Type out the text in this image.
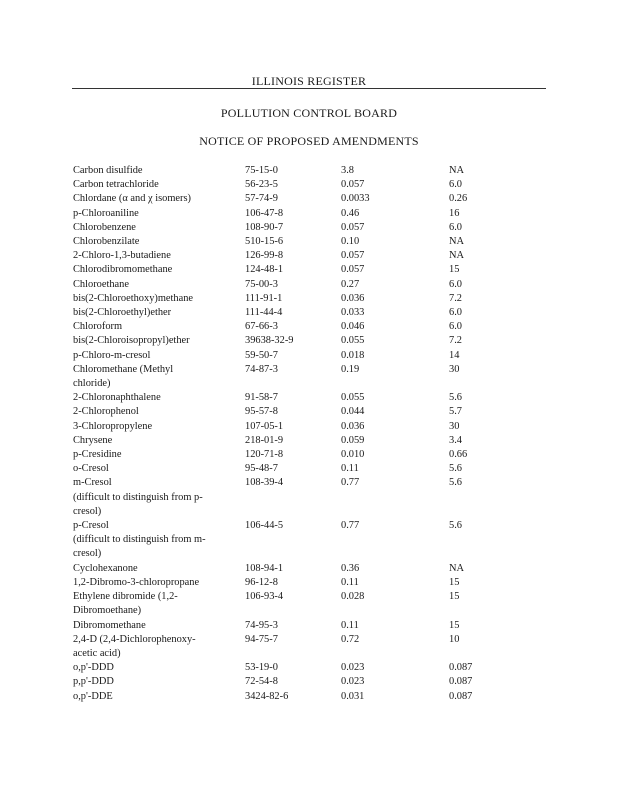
ILLINOIS REGISTER
POLLUTION CONTROL BOARD
NOTICE OF PROPOSED AMENDMENTS
Carbon disulfide	75-15-0	3.8	NA
Carbon tetrachloride	56-23-5	0.057	6.0
Chlordane (α and χ isomers)	57-74-9	0.0033	0.26
p-Chloroaniline	106-47-8	0.46	16
Chlorobenzene	108-90-7	0.057	6.0
Chlorobenzilate	510-15-6	0.10	NA
2-Chloro-1,3-butadiene	126-99-8	0.057	NA
Chlorodibromomethane	124-48-1	0.057	15
Chloroethane	75-00-3	0.27	6.0
bis(2-Chloroethoxy)methane	111-91-1	0.036	7.2
bis(2-Chloroethyl)ether	111-44-4	0.033	6.0
Chloroform	67-66-3	0.046	6.0
bis(2-Chloroisopropyl)ether	39638-32-9	0.055	7.2
p-Chloro-m-cresol	59-50-7	0.018	14
Chloromethane (Methyl
chloride)
74-87-3	0.19	30
2-Chloronaphthalene	91-58-7	0.055	5.6
2-Chlorophenol	95-57-8	0.044	5.7
3-Chloropropylene	107-05-1	0.036	30
Chrysene	218-01-9	0.059	3.4
p-Cresidine	120-71-8	0.010	0.66
o-Cresol	95-48-7	0.11	5.6
m-Cresol
(difficult to distinguish from p-
cresol)
108-39-4	0.77	5.6
p-Cresol
(difficult to distinguish from m-
cresol)
106-44-5	0.77	5.6
Cyclohexanone	108-94-1	0.36	NA
1,2-Dibromo-3-chloropropane	96-12-8	0.11	15
Ethylene dibromide (1,2-
Dibromoethane)
106-93-4	0.028	15
Dibromomethane	74-95-3	0.11	15
2,4-D (2,4-Dichlorophenoxy-
acetic acid)
94-75-7	0.72	10
o,p'-DDD	53-19-0	0.023	0.087
p,p'-DDD	72-54-8	0.023	0.087
o,p'-DDE	3424-82-6	0.031	0.087
